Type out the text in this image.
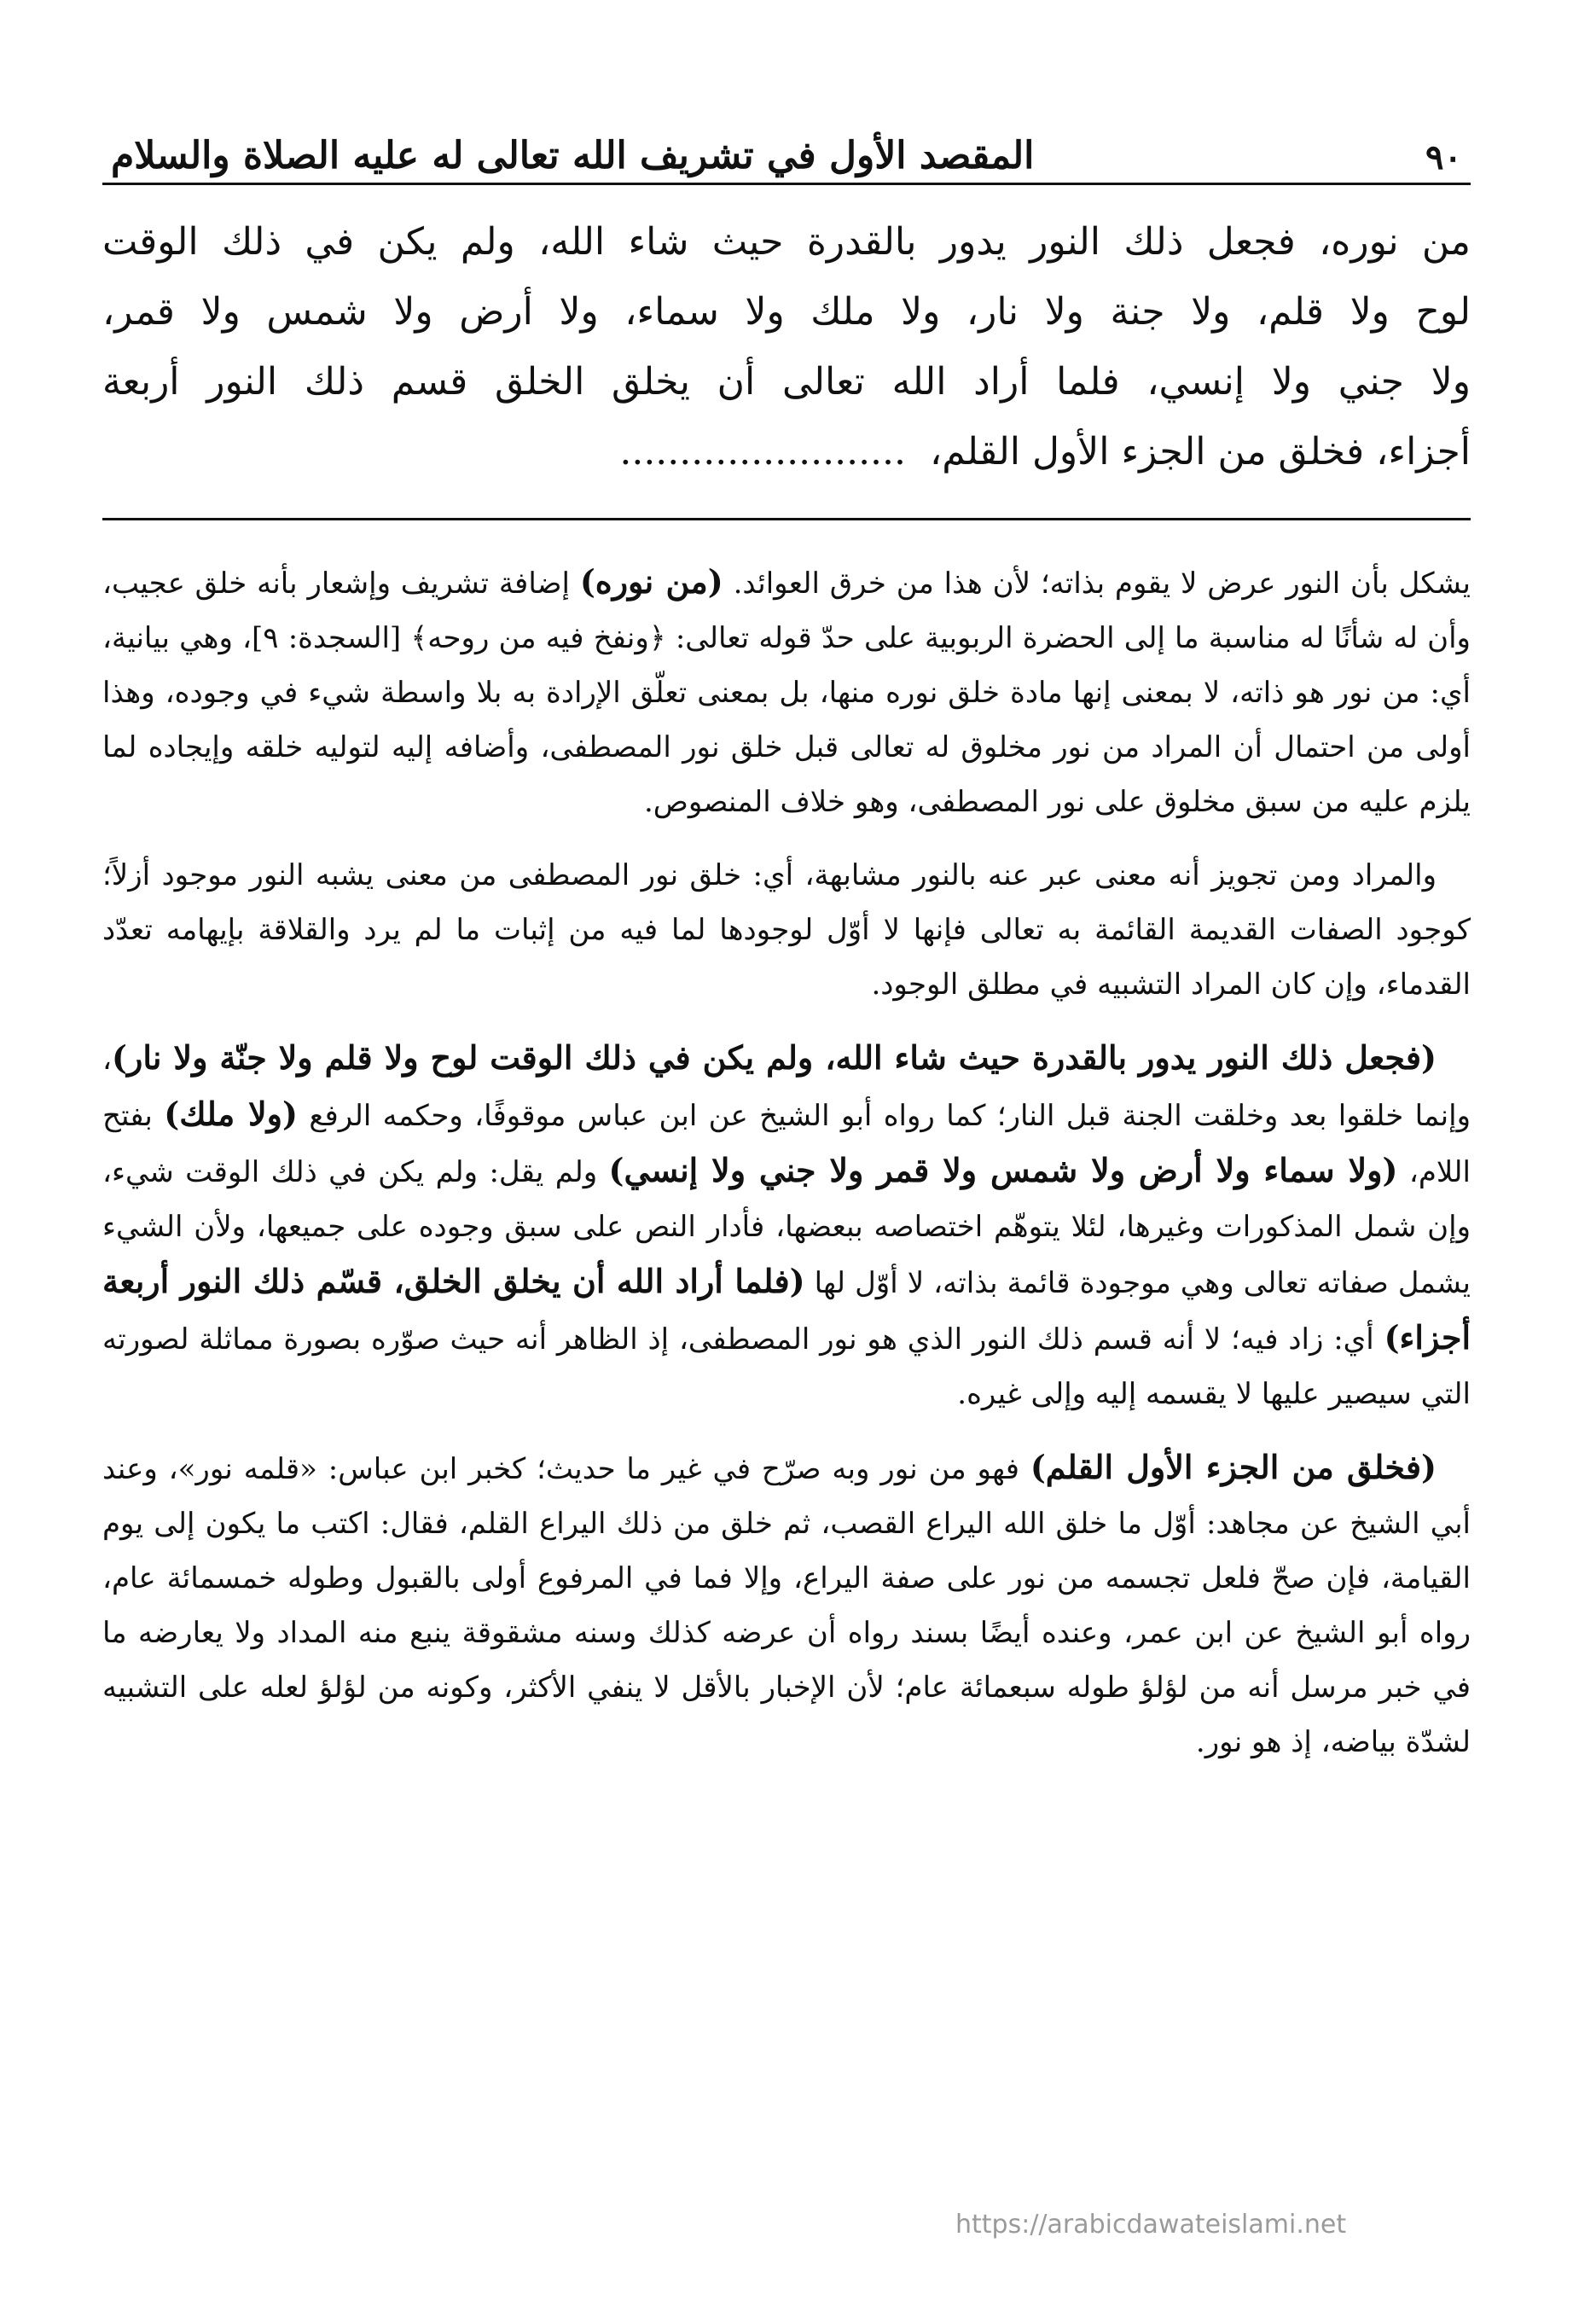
٩٠
المقصد الأول في تشريف الله تعالى له عليه الصلاة والسلام
من نوره، فجعل ذلك النور يدور بالقدرة حيث شاء الله، ولم يكن في ذلك الوقت
لوح ولا قلم، ولا جنة ولا نار، ولا ملك ولا سماء، ولا أرض ولا شمس ولا قمر،
ولا جني ولا إنسي، فلما أراد الله تعالى أن يخلق الخلق قسم ذلك النور أربعة
أجزاء، فخلق من الجزء الأول القلم،........................

يشكل بأن النور عرض لا يقوم بذاته؛ لأن هذا من خرق العوائد. (من نوره) إضافة تشريف وإشعار بأنه خلق عجيب، وأن له شأنًا له مناسبة ما إلى الحضرة الربوبية على حدّ قوله تعالى: ﴿ونفخ فيه من روحه﴾ [السجدة: ٩]، وهي بيانية، أي: من نور هو ذاته، لا بمعنى إنها مادة خلق نوره منها، بل بمعنى تعلّق الإرادة به بلا واسطة شيء في وجوده، وهذا أولى من احتمال أن المراد من نور مخلوق له تعالى قبل خلق نور المصطفى، وأضافه إليه لتوليه خلقه وإيجاده لما يلزم عليه من سبق مخلوق على نور المصطفى، وهو خلاف المنصوص.

والمراد ومن تجويز أنه معنى عبر عنه بالنور مشابهة، أي: خلق نور المصطفى من معنى يشبه النور موجود أزلاً؛ كوجود الصفات القديمة القائمة به تعالى فإنها لا أوّل لوجودها لما فيه من إثبات ما لم يرد والقلاقة بإيهامه تعدّد القدماء، وإن كان المراد التشبيه في مطلق الوجود.

(فجعل ذلك النور يدور بالقدرة حيث شاء الله، ولم يكن في ذلك الوقت لوح ولا قلم ولا جنّة ولا نار)، وإنما خلقوا بعد وخلقت الجنة قبل النار؛ كما رواه أبو الشيخ عن ابن عباس موقوفًا، وحكمه الرفع (ولا ملك) بفتح اللام، (ولا سماء ولا أرض ولا شمس ولا قمر ولا جني ولا إنسي) ولم يقل: ولم يكن في ذلك الوقت شيء، وإن شمل المذكورات وغيرها، لئلا يتوهّم اختصاصه ببعضها، فأدار النص على سبق وجوده على جميعها، ولأن الشيء يشمل صفاته تعالى وهي موجودة قائمة بذاته، لا أوّل لها (فلما أراد الله أن يخلق الخلق، قسّم ذلك النور أربعة أجزاء) أي: زاد فيه؛ لا أنه قسم ذلك النور الذي هو نور المصطفى، إذ الظاهر أنه حيث صوّره بصورة مماثلة لصورته التي سيصير عليها لا يقسمه إليه وإلى غيره.

(فخلق من الجزء الأول القلم) فهو من نور وبه صرّح في غير ما حديث؛ كخبر ابن عباس: «قلمه نور»، وعند أبي الشيخ عن مجاهد: أوّل ما خلق الله اليراع القصب، ثم خلق من ذلك اليراع القلم، فقال: اكتب ما يكون إلى يوم القيامة، فإن صحّ فلعل تجسمه من نور على صفة اليراع، وإلا فما في المرفوع أولى بالقبول وطوله خمسمائة عام، رواه أبو الشيخ عن ابن عمر، وعنده أيضًا بسند رواه أن عرضه كذلك وسنه مشقوقة ينبع منه المداد ولا يعارضه ما في خبر مرسل أنه من لؤلؤ طوله سبعمائة عام؛ لأن الإخبار بالأقل لا ينفي الأكثر، وكونه من لؤلؤ لعله على التشبيه لشدّة بياضه، إذ هو نور.

https://arabicdawateislami.net
